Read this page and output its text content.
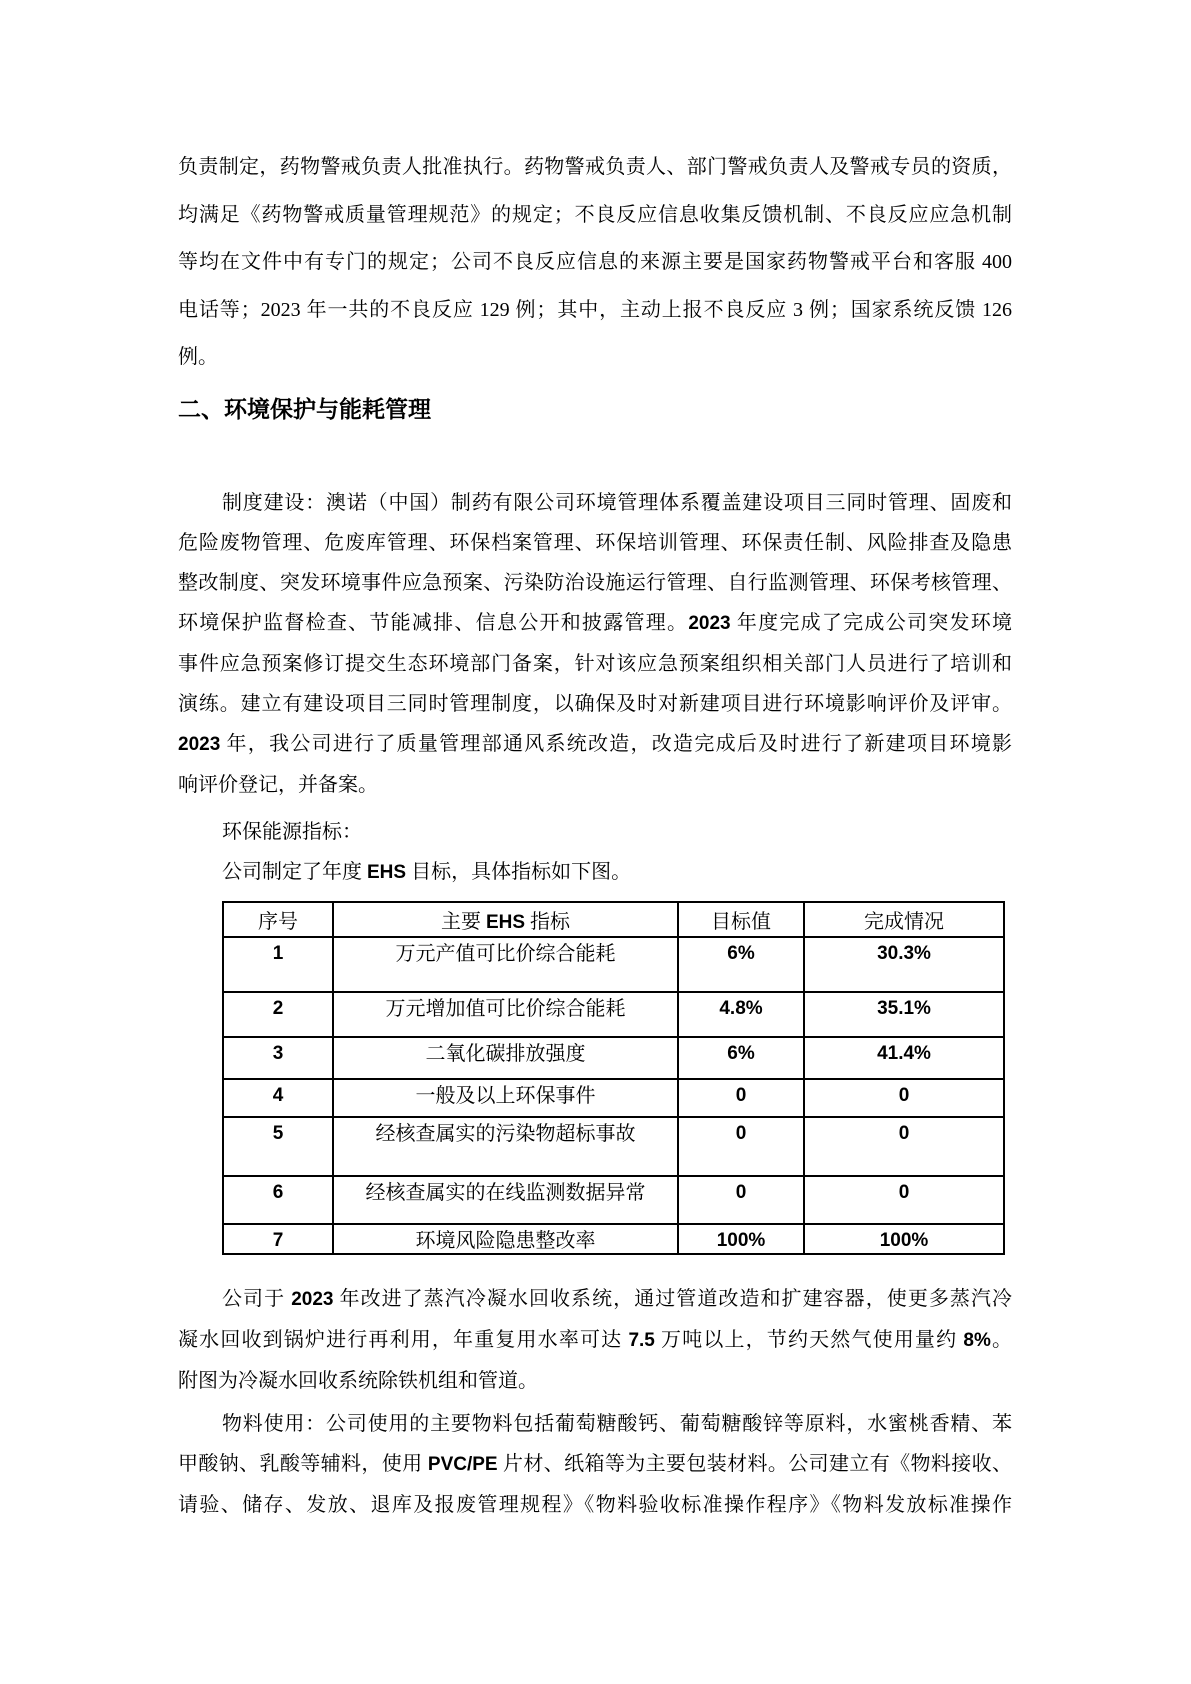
负责制定，药物警戒负责人批准执行。药物警戒负责人、部门警戒负责人及警戒专员的资质，
均满足《药物警戒质量管理规范》的规定；不良反应信息收集反馈机制、不良反应应急机制
等均在文件中有专门的规定；公司不良反应信息的来源主要是国家药物警戒平台和客服 400
电话等；2023 年一共的不良反应 129 例；其中，主动上报不良反应 3 例；国家系统反馈 126
例。
二、环境保护与能耗管理
制度建设：澳诺（中国）制药有限公司环境管理体系覆盖建设项目三同时管理、固废和
危险废物管理、危废库管理、环保档案管理、环保培训管理、环保责任制、风险排查及隐患
整改制度、突发环境事件应急预案、污染防治设施运行管理、自行监测管理、环保考核管理、
环境保护监督检查、节能减排、信息公开和披露管理。2023 年度完成了完成公司突发环境
事件应急预案修订提交生态环境部门备案，针对该应急预案组织相关部门人员进行了培训和
演练。建立有建设项目三同时管理制度，以确保及时对新建项目进行环境影响评价及评审。
2023 年，我公司进行了质量管理部通风系统改造，改造完成后及时进行了新建项目环境影
响评价登记，并备案。
环保能源指标：
公司制定了年度 EHS 目标，具体指标如下图。
序号	主要 EHS 指标	目标值	完成情况
1	万元产值可比价综合能耗	6%	30.3%
2	万元增加值可比价综合能耗	4.8%	35.1%
3	二氧化碳排放强度	6%	41.4%
4	一般及以上环保事件	0	0
5	经核查属实的污染物超标事故	0	0
6	经核查属实的在线监测数据异常	0	0
7	环境风险隐患整改率	100%	100%
公司于 2023 年改进了蒸汽冷凝水回收系统，通过管道改造和扩建容器，使更多蒸汽冷
凝水回收到锅炉进行再利用，年重复用水率可达 7.5 万吨以上，节约天然气使用量约 8%。
附图为冷凝水回收系统除铁机组和管道。
物料使用：公司使用的主要物料包括葡萄糖酸钙、葡萄糖酸锌等原料，水蜜桃香精、苯
甲酸钠、乳酸等辅料，使用 PVC/PE 片材、纸箱等为主要包装材料。公司建立有《物料接收、
请验、储存、发放、退库及报废管理规程》《物料验收标准操作程序》《物料发放标准操作
